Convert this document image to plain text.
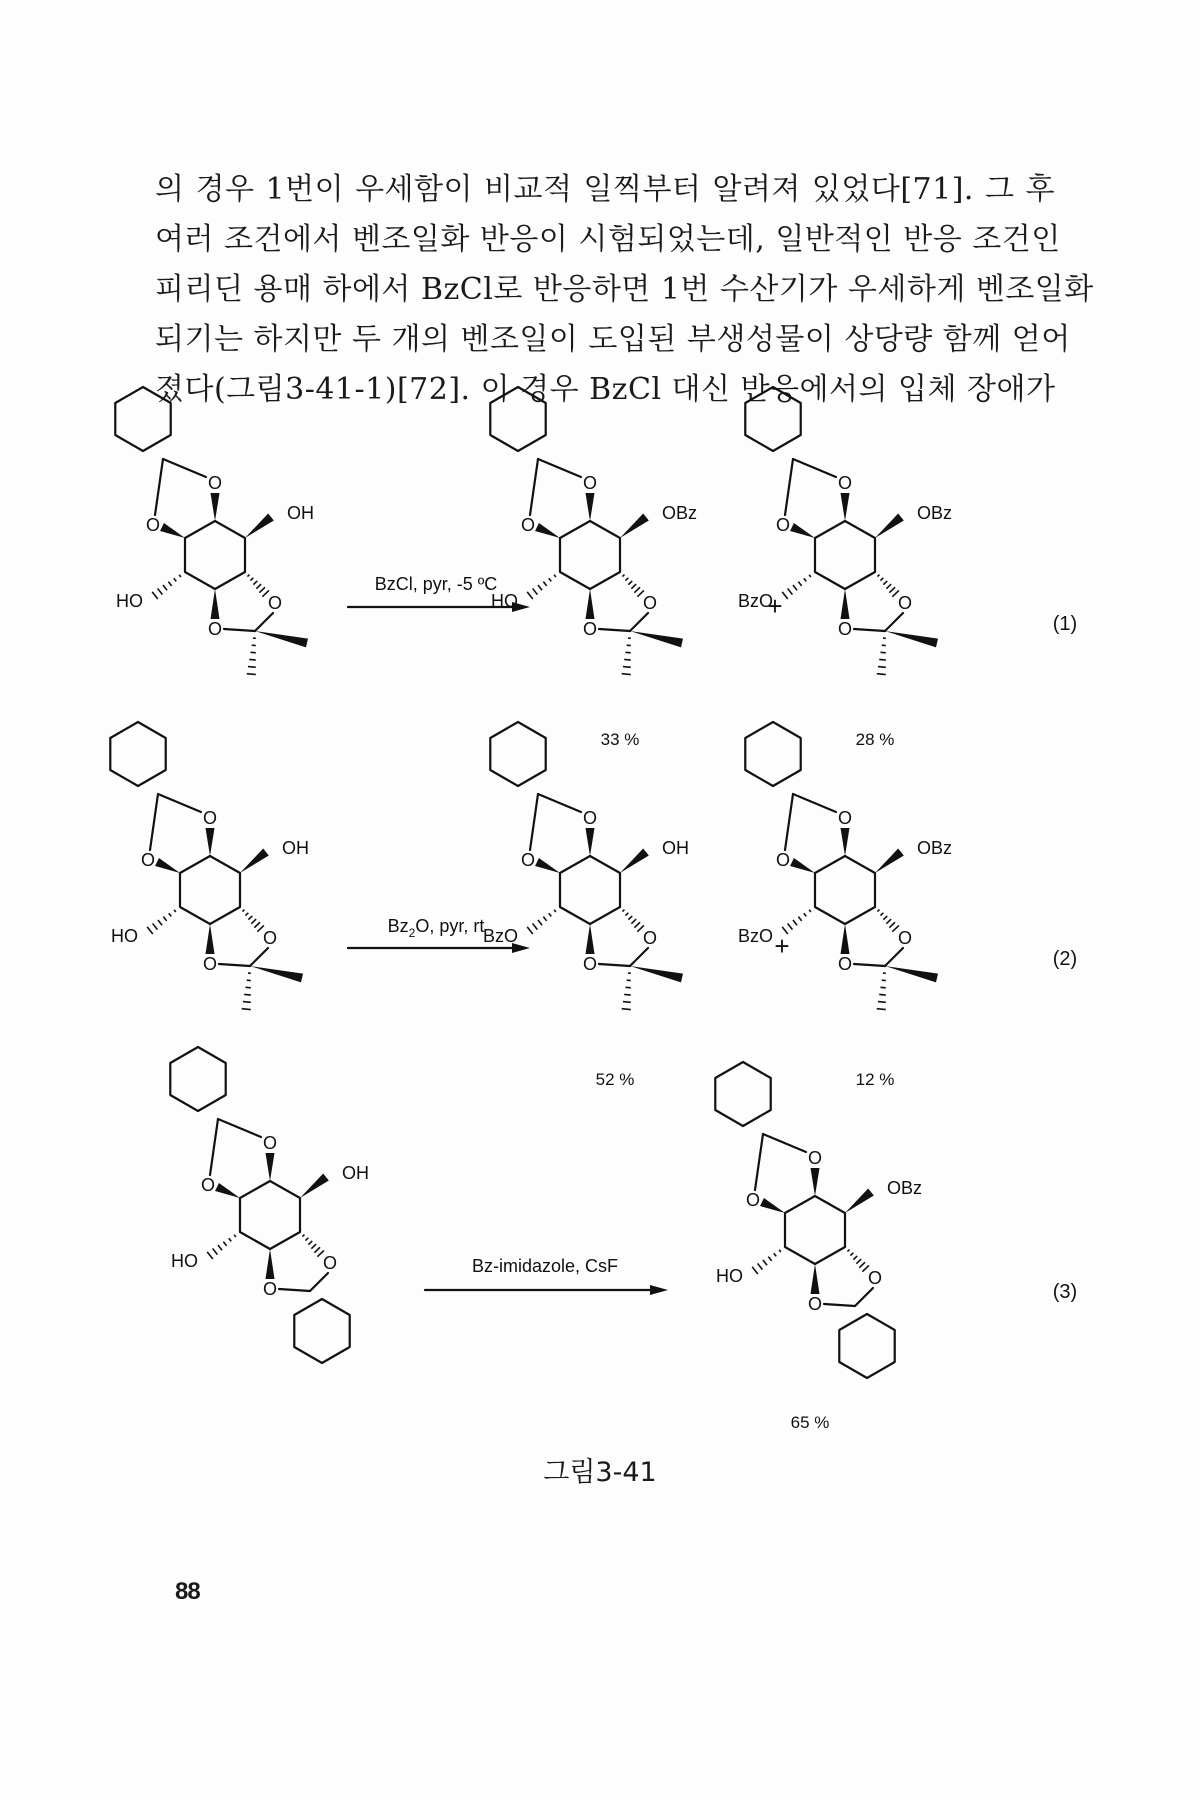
의 경우 1번이 우세함이 비교적 일찍부터 알려져 있었다[71]. 그 후
여러 조건에서 벤조일화 반응이 시험되었는데, 일반적인 반응 조건인
피리딘 용매 하에서 BzCl로 반응하면 1번 수산기가 우세하게 벤조일화
되기는 하지만 두 개의 벤조일이 도입된 부생성물이 상당량 함께 얻어
졌다(그림3-41-1)[72]. 이 경우 BzCl 대신 반응에서의 입체 장애가
O
O
OH
HO	O
O
BzCl, pyr, -5 ºC
O
O
OBz
HO	O
O
+
O
O
OBz
BzO	O
O	(1)
33 %	28 %
O
O
OH
HO	O
O
$Bz_2O$, pyr, rt
O
O
OH
BzO	O
O
+
O
O
OBz
BzO	O
O	(2)
52 %	12 %
O
O
OH
HO	O
O
Bz-imidazole, CsF
O
O
OBz
HO	O
O
(3)
65 %
그림3-41
88
